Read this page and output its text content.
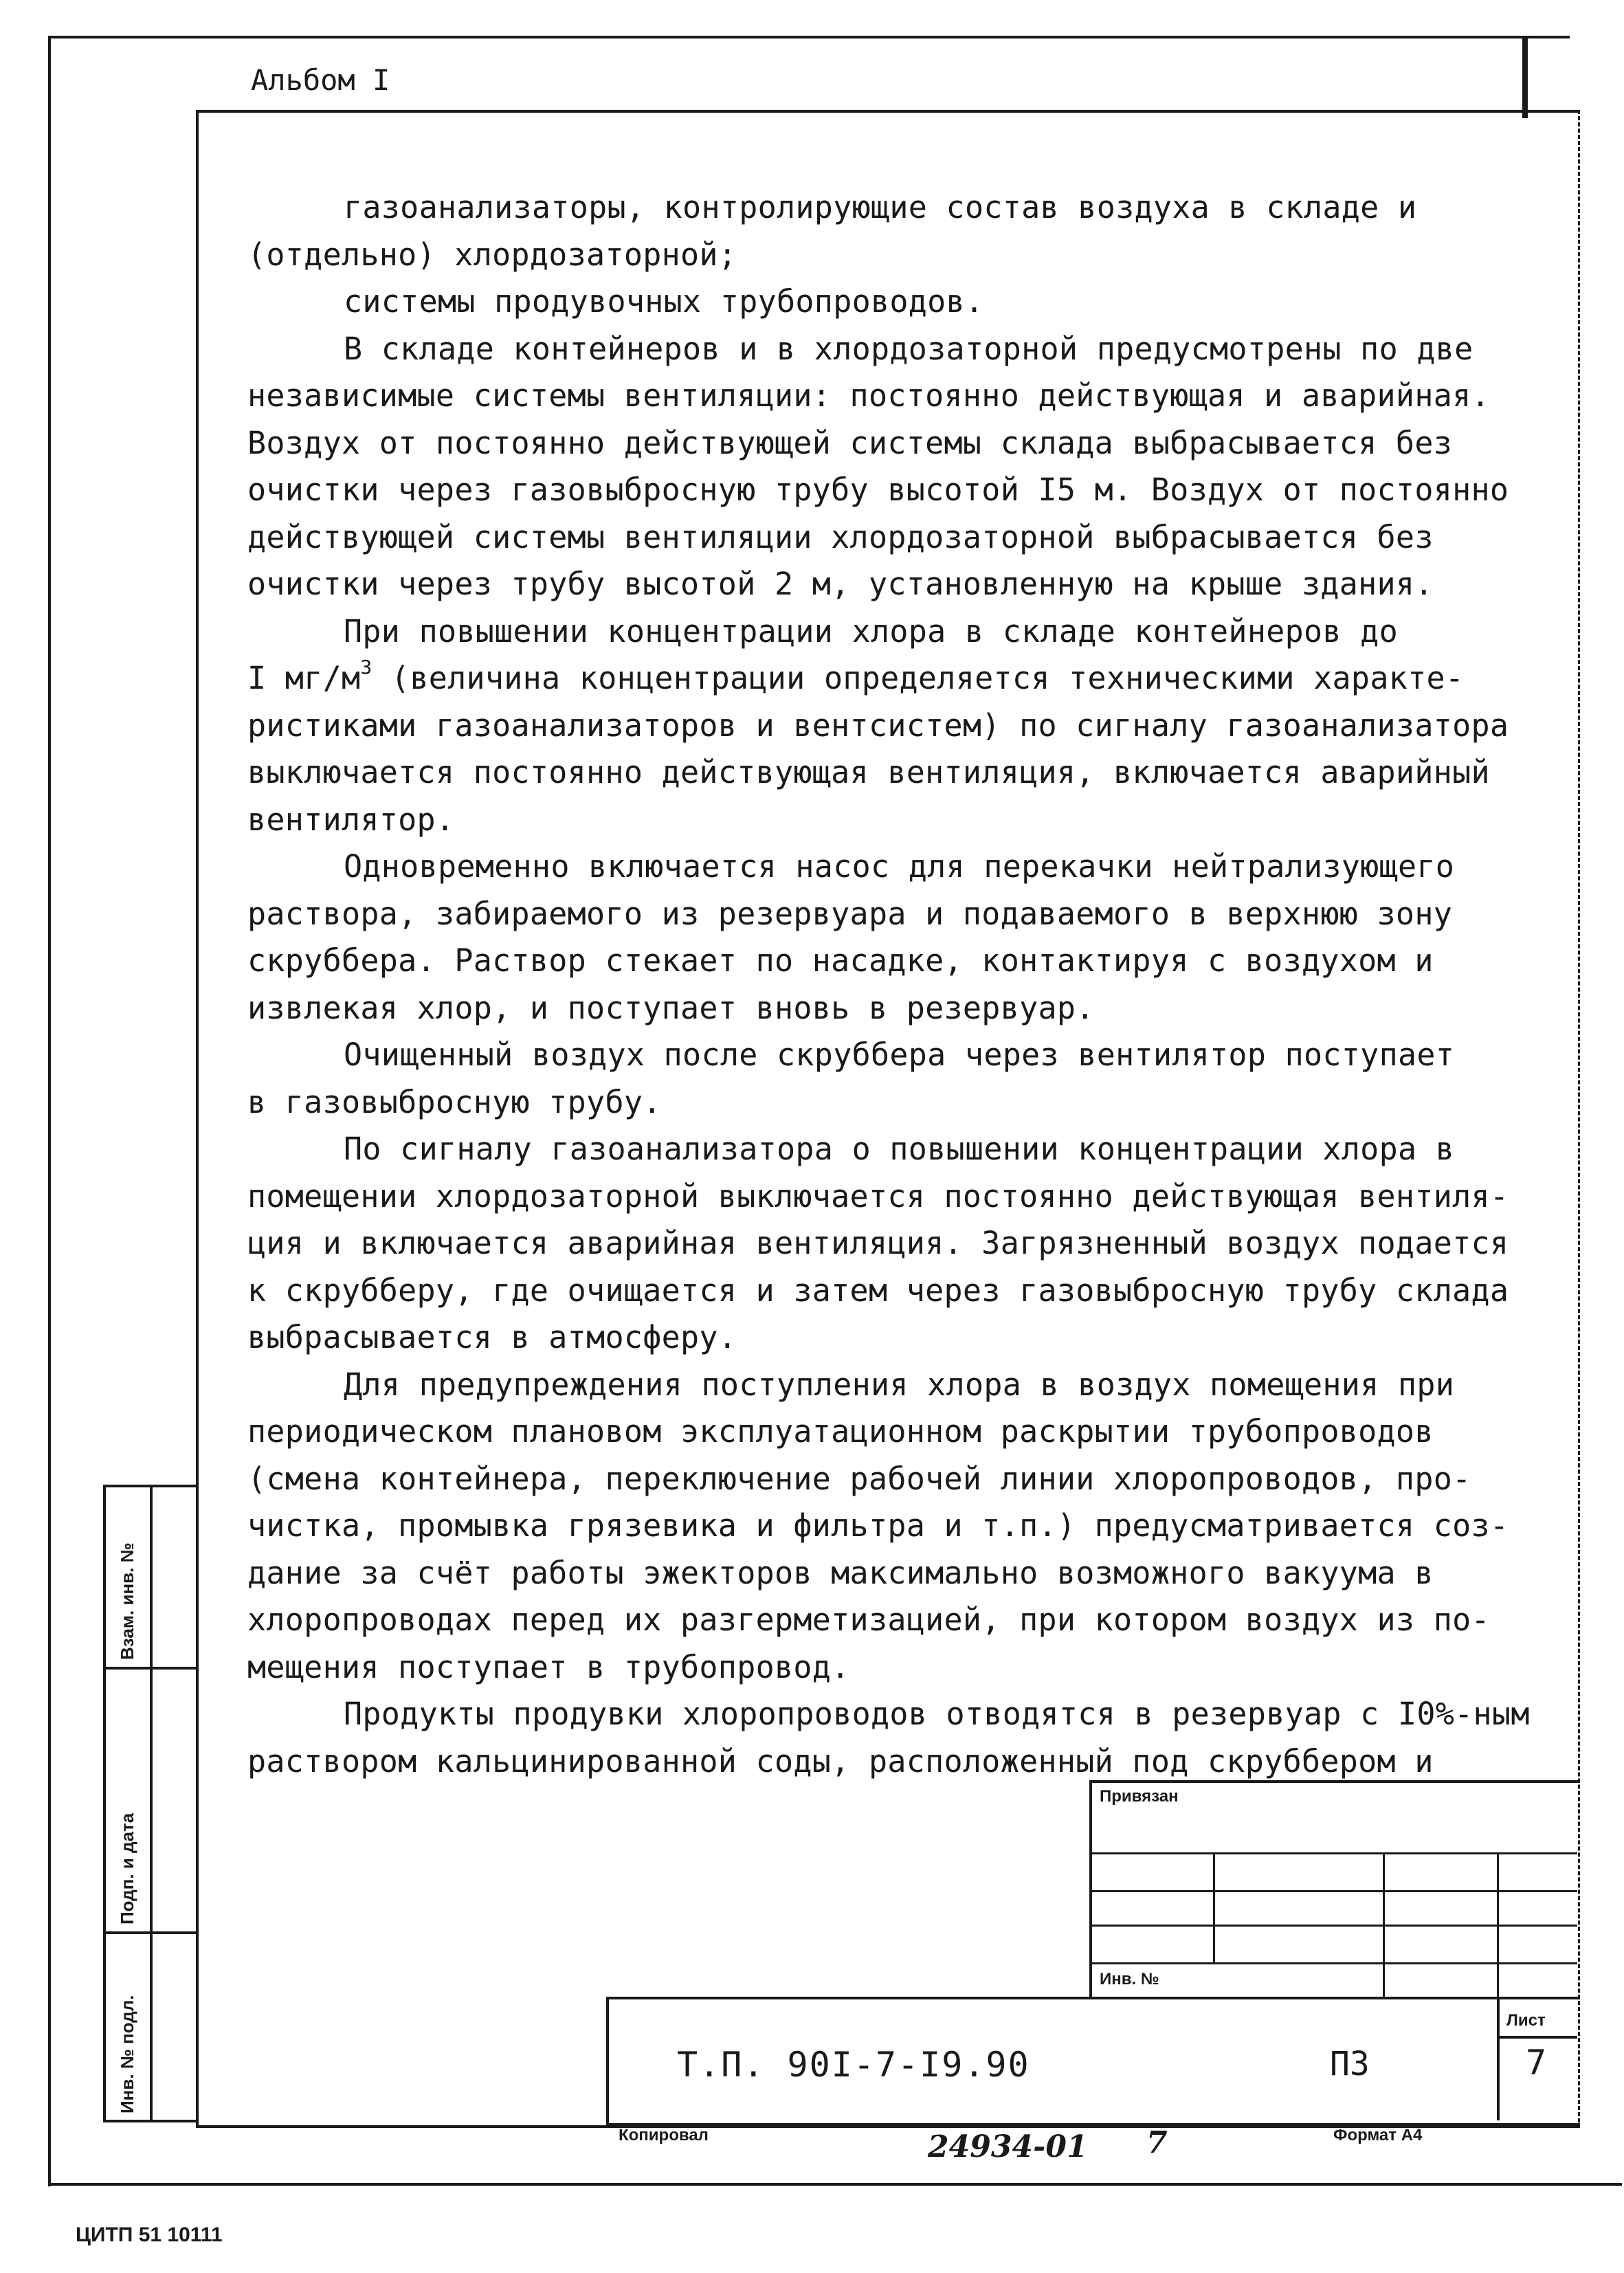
Альбом I

газоанализаторы, контролирующие состав воздуха в складе и

(отдельно) хлордозаторной;

системы продувочных трубопроводов.

В складе контейнеров и в хлордозаторной предусмотрены по две

независимые системы вентиляции: постоянно действующая и аварийная.

Воздух от постоянно действующей системы склада выбрасывается без

очистки через газовыбросную трубу высотой I5 м. Воздух от постоянно

действующей системы вентиляции хлордозаторной выбрасывается без

очистки через трубу высотой 2 м, установленную на крыше здания.

При повышении концентрации хлора в складе контейнеров до

I $мг/м^3$ (величина концентрации определяется техническими характе-

ристиками газоанализаторов и вентсистем) по сигналу газоанализатора

выключается постоянно действующая вентиляция, включается аварийный

вентилятор.

Одновременно включается насос для перекачки нейтрализующего

раствора, забираемого из резервуара и подаваемого в верхнюю зону

скруббера. Раствор стекает по насадке, контактируя с воздухом и

извлекая хлор, и поступает вновь в резервуар.

Очищенный воздух после скруббера через вентилятор поступает

в газовыбросную трубу.

По сигналу газоанализатора о повышении концентрации хлора в

помещении хлордозаторной выключается постоянно действующая вентиля-

ция и включается аварийная вентиляция. Загрязненный воздух подается

к скрубберу, где очищается и затем через газовыбросную трубу склада

выбрасывается в атмосферу.

Для предупреждения поступления хлора в воздух помещения при

периодическом плановом эксплуатационном раскрытии трубопроводов

(смена контейнера, переключение рабочей линии хлоропроводов, про-

чистка, промывка грязевика и фильтра и т.п.) предусматривается соз-

дание за счёт работы эжекторов максимально возможного вакуума в

хлоропроводах перед их разгерметизацией, при котором воздух из по-

мещения поступает в трубопровод.

Продукты продувки хлоропроводов отводятся в резервуар с I0%-ным

раствором кальцинированной соды, расположенный под скруббером и

Инв. № подл.
Подп. и дата
Взам. инв. №
Привязан
Инв. №
Лист
Т.П. 90I-7-I9.90	ПЗ	7
Копировал	24934-01 7	Формат А4
ЦИТП 51 10111
